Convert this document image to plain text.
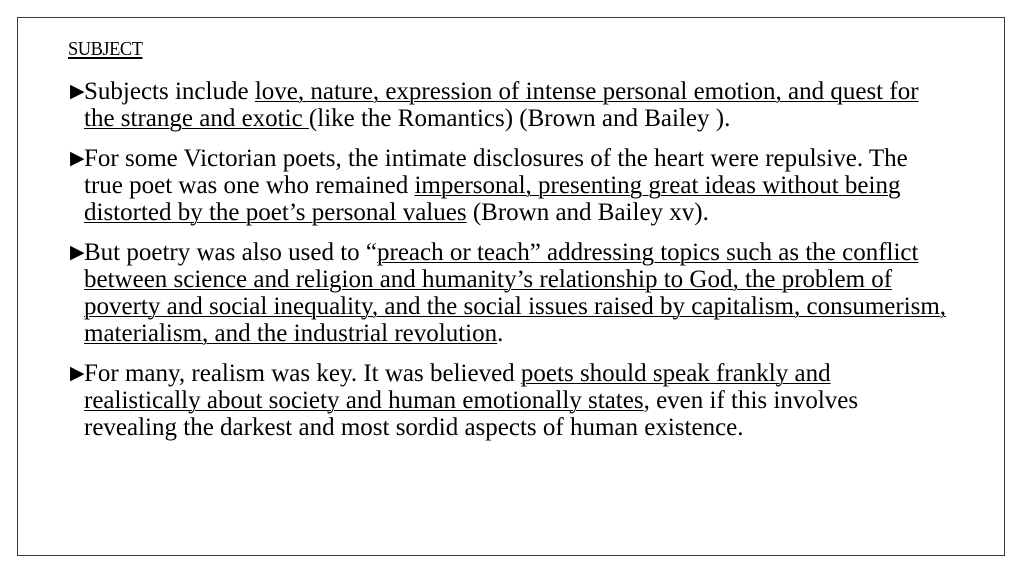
SUBJECT
▶ Subjects include love, nature, expression of intense personal emotion, and quest for the strange and exotic (like the Romantics) (Brown and Bailey ).
▶ For some Victorian poets, the intimate disclosures of the heart were repulsive. The true poet was one who remained impersonal, presenting great ideas without being distorted by the poet’s personal values (Brown and Bailey xv).
▶ But poetry was also used to “preach or teach” addressing topics such as the conflict between science and religion and humanity’s relationship to God, the problem of poverty and social inequality, and the social issues raised by capitalism, consumerism, materialism, and the industrial revolution.
▶ For many, realism was key. It was believed poets should speak frankly and realistically about society and human emotionally states, even if this involves revealing the darkest and most sordid aspects of human existence.
